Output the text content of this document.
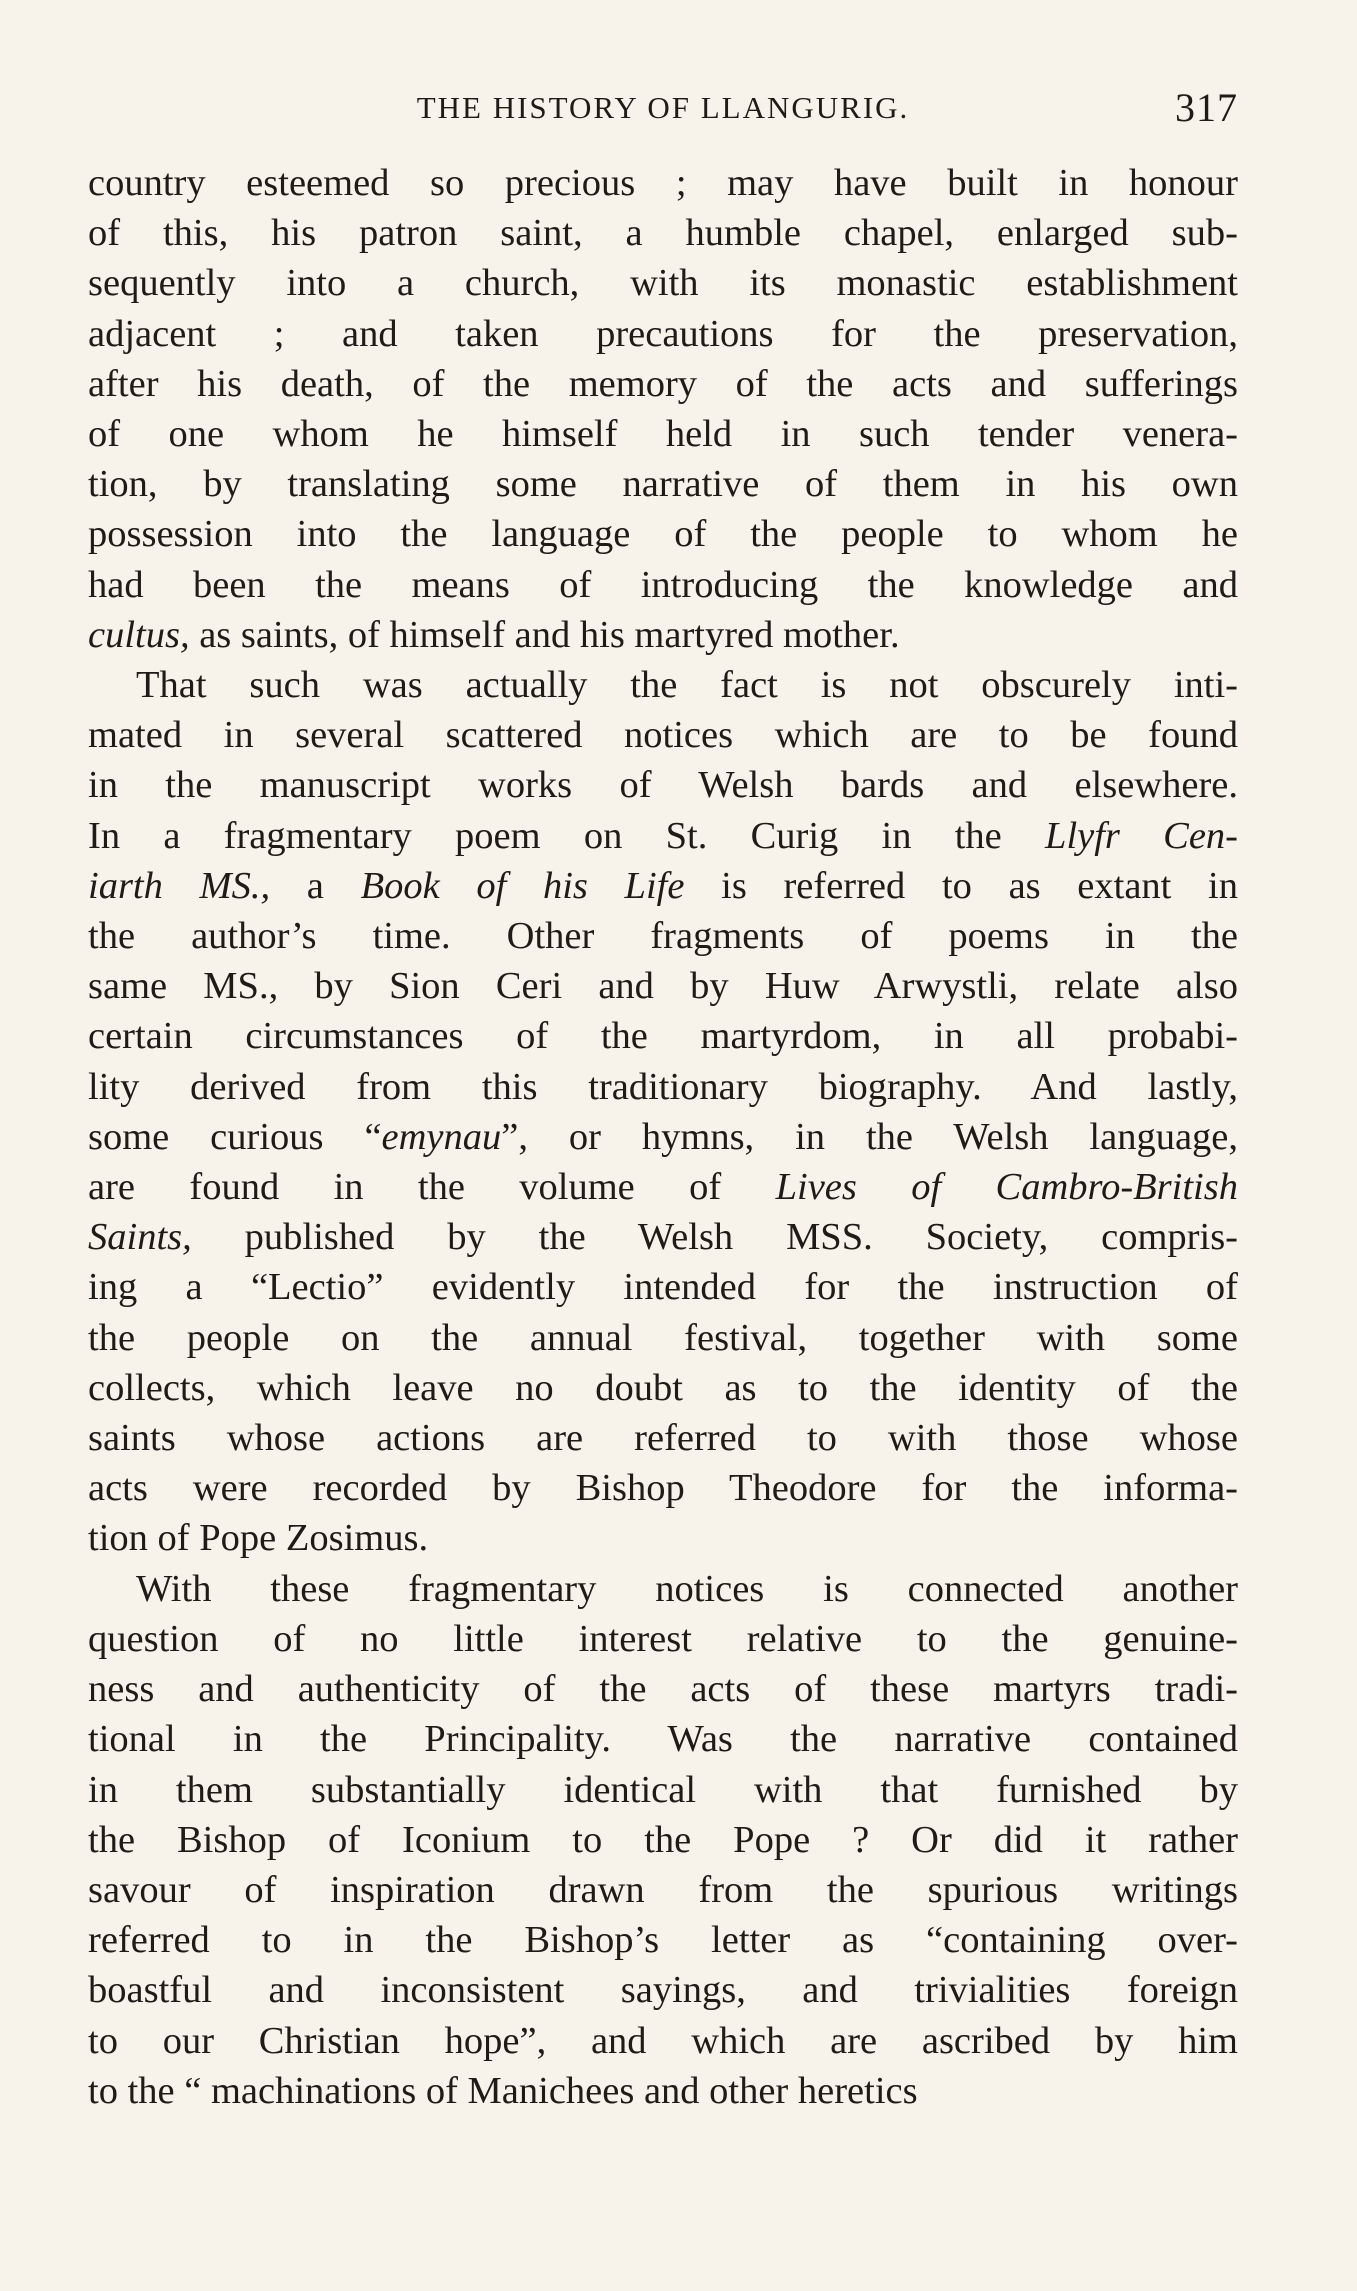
THE HISTORY OF LLANGURIG.	317
country esteemed so precious ; may have built in honour
of this, his patron saint, a humble chapel, enlarged sub-
sequently into a church, with its monastic establishment
adjacent ; and taken precautions for the preservation,
after his death, of the memory of the acts and sufferings
of one whom he himself held in such tender venera-
tion, by translating some narrative of them in his own
possession into the language of the people to whom he
had been the means of introducing the knowledge and
cultus, as saints, of himself and his martyred mother.
That such was actually the fact is not obscurely inti-
mated in several scattered notices which are to be found
in the manuscript works of Welsh bards and elsewhere.
In a fragmentary poem on St. Curig in the Llyfr Cen-
iarth MS., a Book of his Life is referred to as extant in
the author’s time. Other fragments of poems in the
same MS., by Sion Ceri and by Huw Arwystli, relate also
certain circumstances of the martyrdom, in all probabi-
lity derived from this traditionary biography. And lastly,
some curious “emynau”, or hymns, in the Welsh language,
are found in the volume of Lives of Cambro-British
Saints, published by the Welsh MSS. Society, compris-
ing a “Lectio” evidently intended for the instruction of
the people on the annual festival, together with some
collects, which leave no doubt as to the identity of the
saints whose actions are referred to with those whose
acts were recorded by Bishop Theodore for the informa-
tion of Pope Zosimus.
With these fragmentary notices is connected another
question of no little interest relative to the genuine-
ness and authenticity of the acts of these martyrs tradi-
tional in the Principality. Was the narrative contained
in them substantially identical with that furnished by
the Bishop of Iconium to the Pope ? Or did it rather
savour of inspiration drawn from the spurious writings
referred to in the Bishop’s letter as “containing over-
boastful and inconsistent sayings, and trivialities foreign
to our Christian hope”, and which are ascribed by him
to the “ machinations of Manichees and other heretics
